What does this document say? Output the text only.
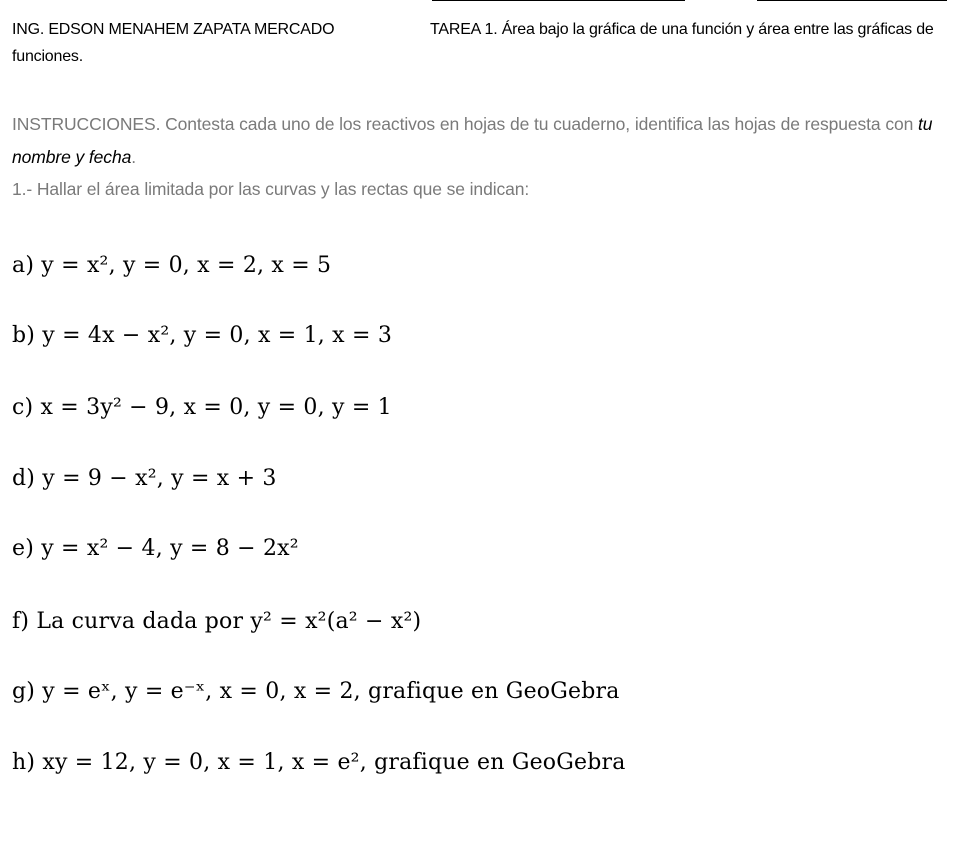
ING. EDSON MENAHEM ZAPATA MERCADO	TAREA 1. Área bajo la gráfica de una función y área entre las gráficas de funciones.
INSTRUCCIONES. Contesta cada uno de los reactivos en hojas de tu cuaderno, identifica las hojas de respuesta con tu nombre y fecha.
1.- Hallar el área limitada por las curvas y las rectas que se indican:
a) y = x², y = 0, x = 2, x = 5
b) y = 4x − x², y = 0, x = 1, x = 3
c) x = 3y² − 9, x = 0, y = 0, y = 1
d) y = 9 − x², y = x + 3
e) y = x² − 4, y = 8 − 2x²
f) La curva dada por y² = x²(a² − x²)
g) y = eˣ, y = e⁻ˣ, x = 0, x = 2, grafique en GeoGebra
h) xy = 12, y = 0, x = 1, x = e², grafique en GeoGebra
